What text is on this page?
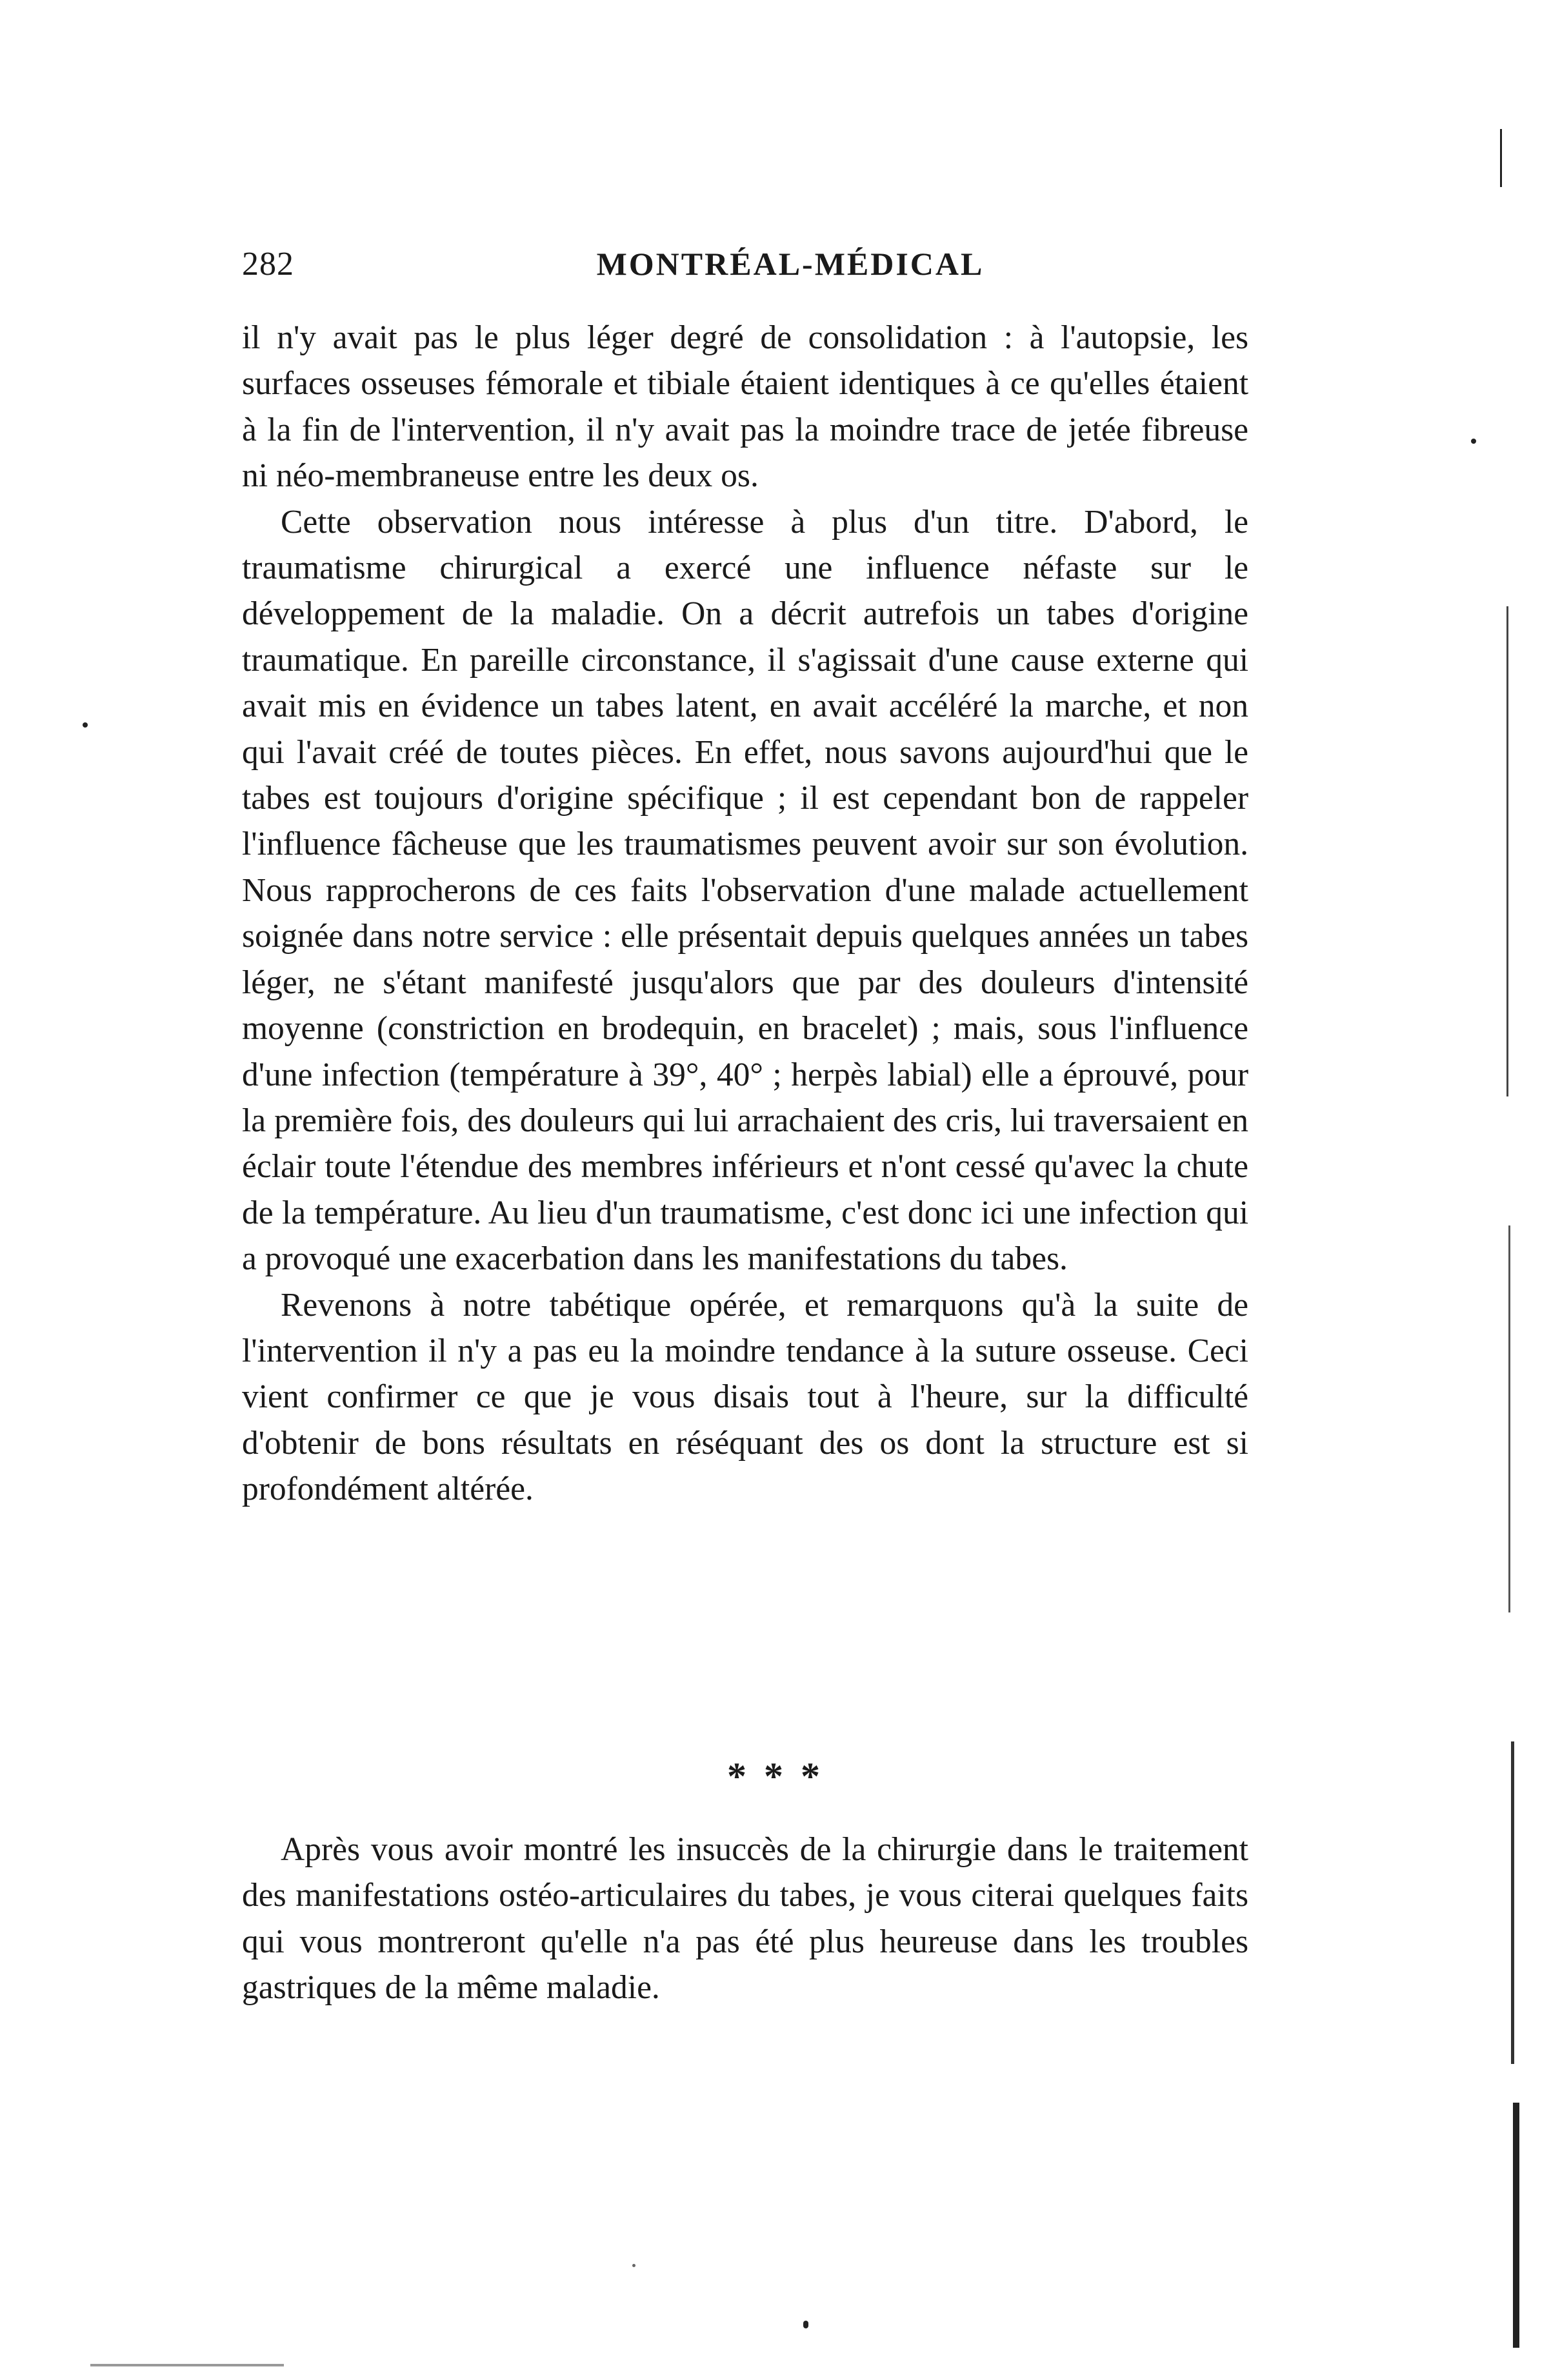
282	MONTRÉAL-MÉDICAL

il n'y avait pas le plus léger degré de consolidation : à l'autopsie, les surfaces osseuses fémorale et tibiale étaient identiques à ce qu'elles étaient à la fin de l'intervention, il n'y avait pas la moindre trace de jetée fibreuse ni néo-membraneuse entre les deux os.

Cette observation nous intéresse à plus d'un titre. D'abord, le traumatisme chirurgical a exercé une influence néfaste sur le développement de la maladie. On a décrit autrefois un tabes d'origine traumatique. En pareille circonstance, il s'agissait d'une cause externe qui avait mis en évidence un tabes latent, en avait accéléré la marche, et non qui l'avait créé de toutes pièces. En effet, nous savons aujourd'hui que le tabes est toujours d'origine spécifique ; il est cependant bon de rappeler l'influence fâcheuse que les traumatismes peuvent avoir sur son évolution. Nous rapprocherons de ces faits l'observation d'une malade actuellement soignée dans notre service : elle présentait depuis quelques années un tabes léger, ne s'étant manifesté jusqu'alors que par des douleurs d'intensité moyenne (constriction en brodequin, en bracelet) ; mais, sous l'influence d'une infection (température à 39°, 40° ; herpès labial) elle a éprouvé, pour la première fois, des douleurs qui lui arrachaient des cris, lui traversaient en éclair toute l'étendue des membres inférieurs et n'ont cessé qu'avec la chute de la température. Au lieu d'un traumatisme, c'est donc ici une infection qui a provoqué une exacerbation dans les manifestations du tabes.

Revenons à notre tabétique opérée, et remarquons qu'à la suite de l'intervention il n'y a pas eu la moindre tendance à la suture osseuse. Ceci vient confirmer ce que je vous disais tout à l'heure, sur la difficulté d'obtenir de bons résultats en réséquant des os dont la structure est si profondément altérée.

* * *

Après vous avoir montré les insuccès de la chirurgie dans le traitement des manifestations ostéo-articulaires du tabes, je vous citerai quelques faits qui vous montreront qu'elle n'a pas été plus heureuse dans les troubles gastriques de la même maladie.
